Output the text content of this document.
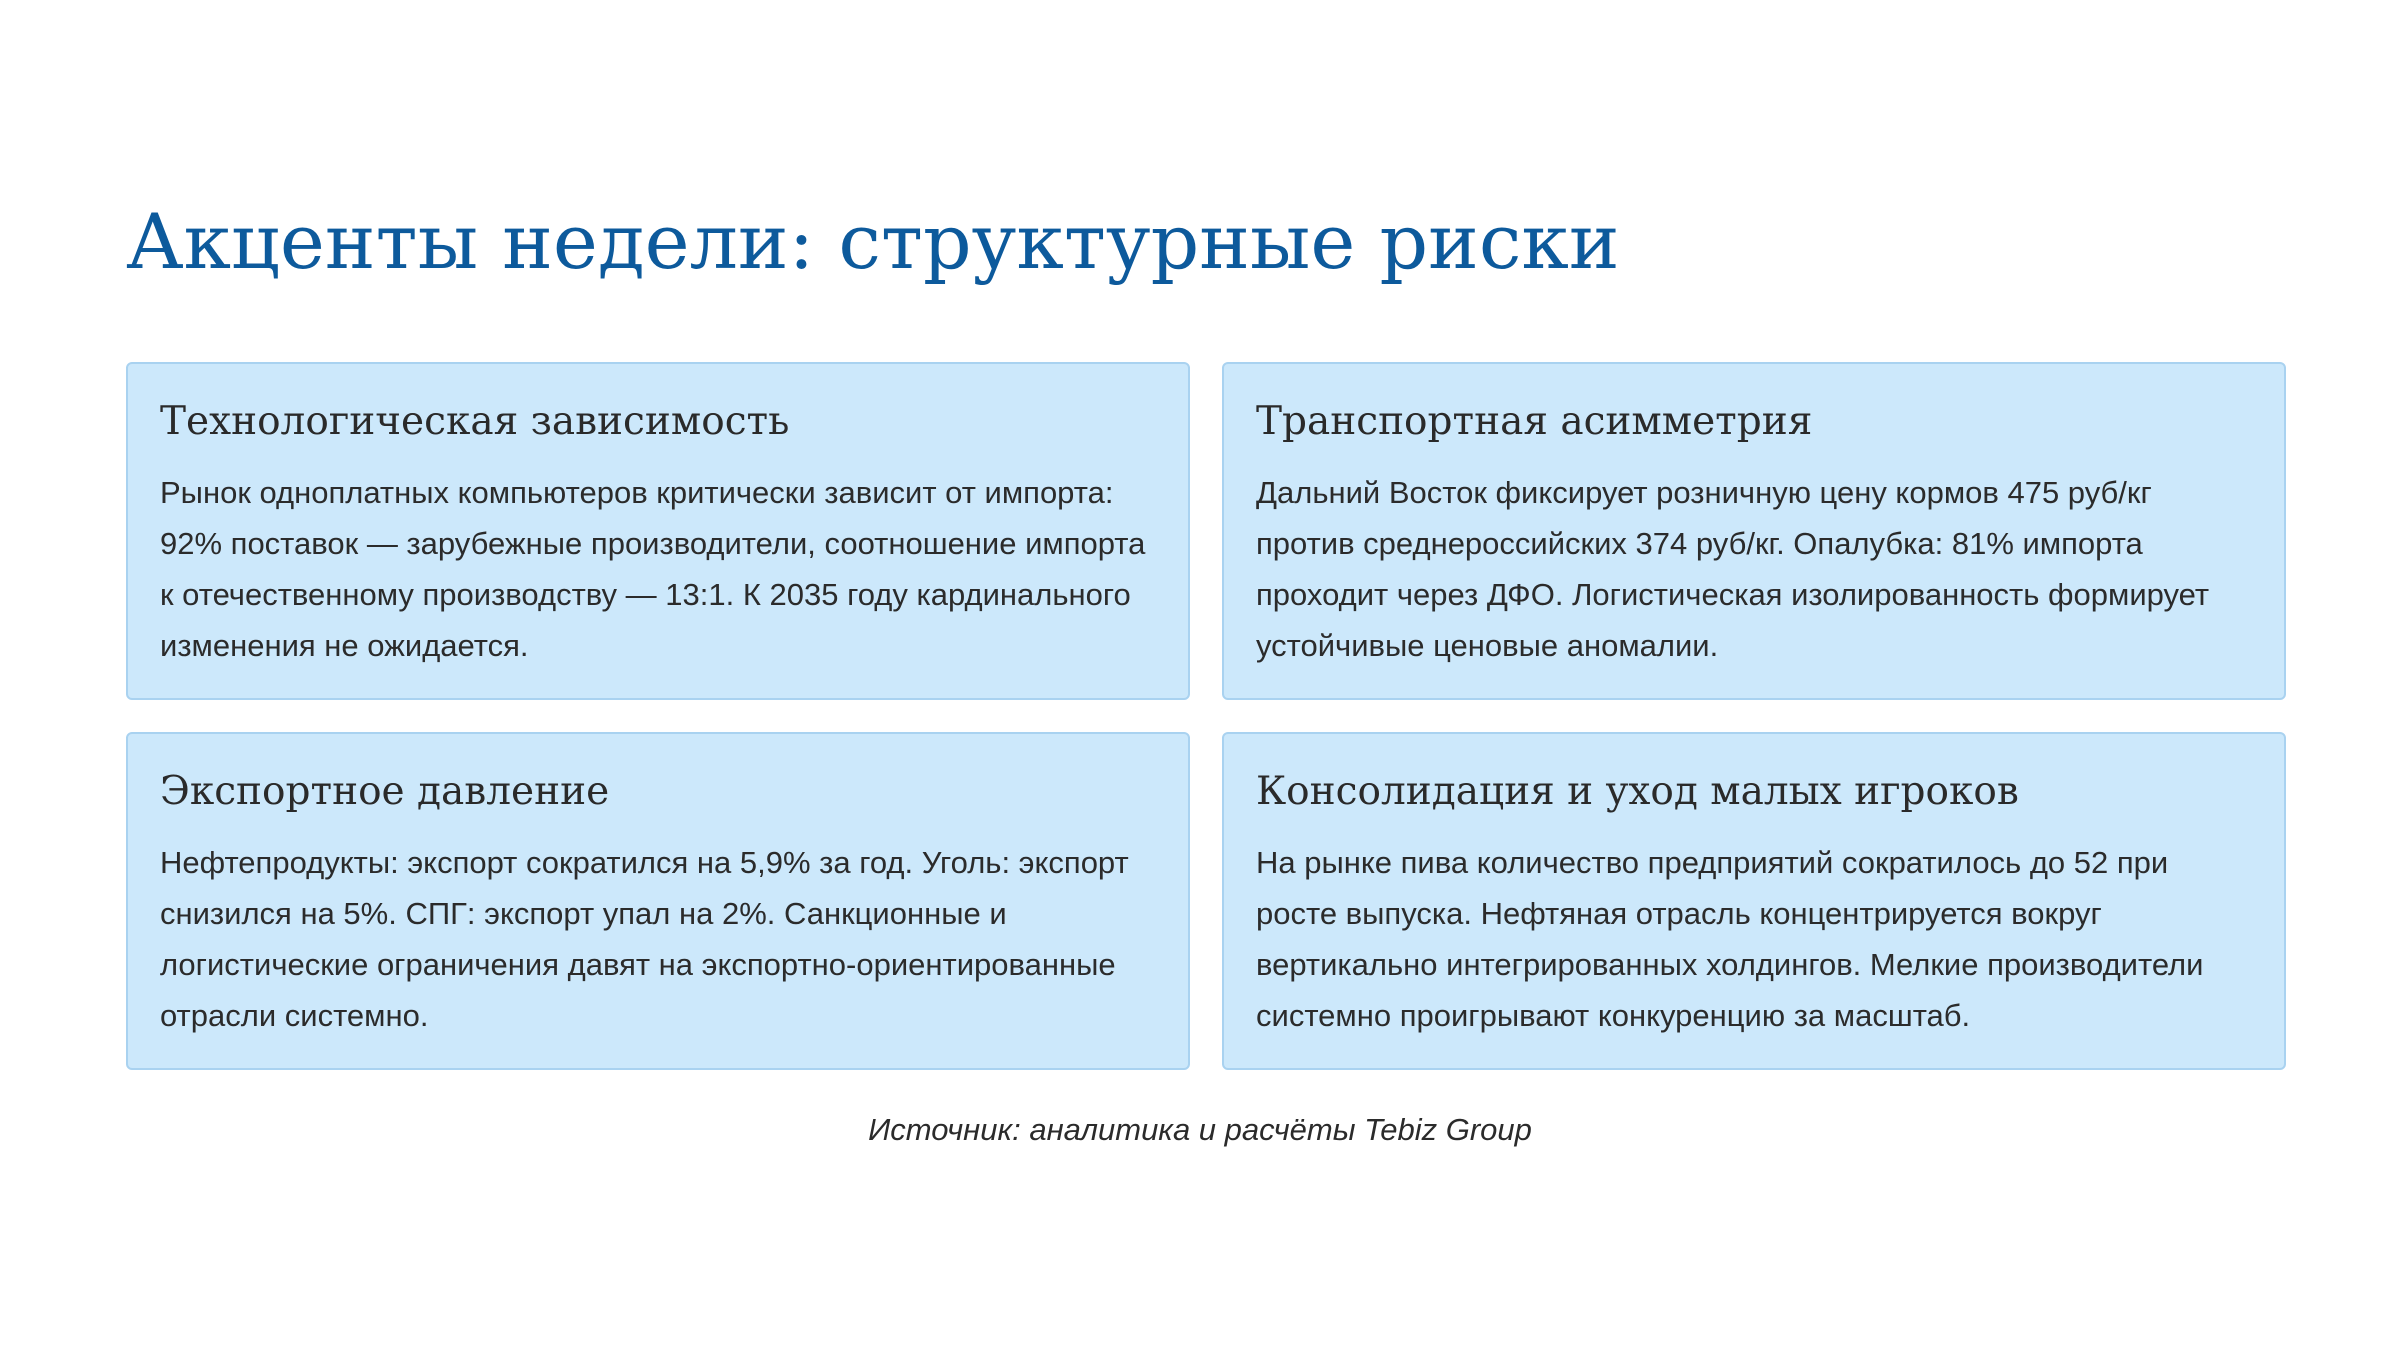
Акценты недели: структурные риски
Технологическая зависимость

Рынок одноплатных компьютеров критически зависит от импорта: 92% поставок — зарубежные производители, соотношение импорта к отечественному производству — 13:1. К 2035 году кардинального изменения не ожидается.

Транспортная асимметрия

Дальний Восток фиксирует розничную цену кормов 475 руб/кг против среднероссийских 374 руб/кг. Опалубка: 81% импорта проходит через ДФО. Логистическая изолированность формирует устойчивые ценовые аномалии.

Экспортное давление

Нефтепродукты: экспорт сократился на 5,9% за год. Уголь: экспорт снизился на 5%. СПГ: экспорт упал на 2%. Санкционные и логистические ограничения давят на экспортно-ориентированные отрасли системно.

Консолидация и уход малых игроков

На рынке пива количество предприятий сократилось до 52 при росте выпуска. Нефтяная отрасль концентрируется вокруг вертикально интегрированных холдингов. Мелкие производители системно проигрывают конкуренцию за масштаб.

Источник: аналитика и расчёты Tebiz Group
